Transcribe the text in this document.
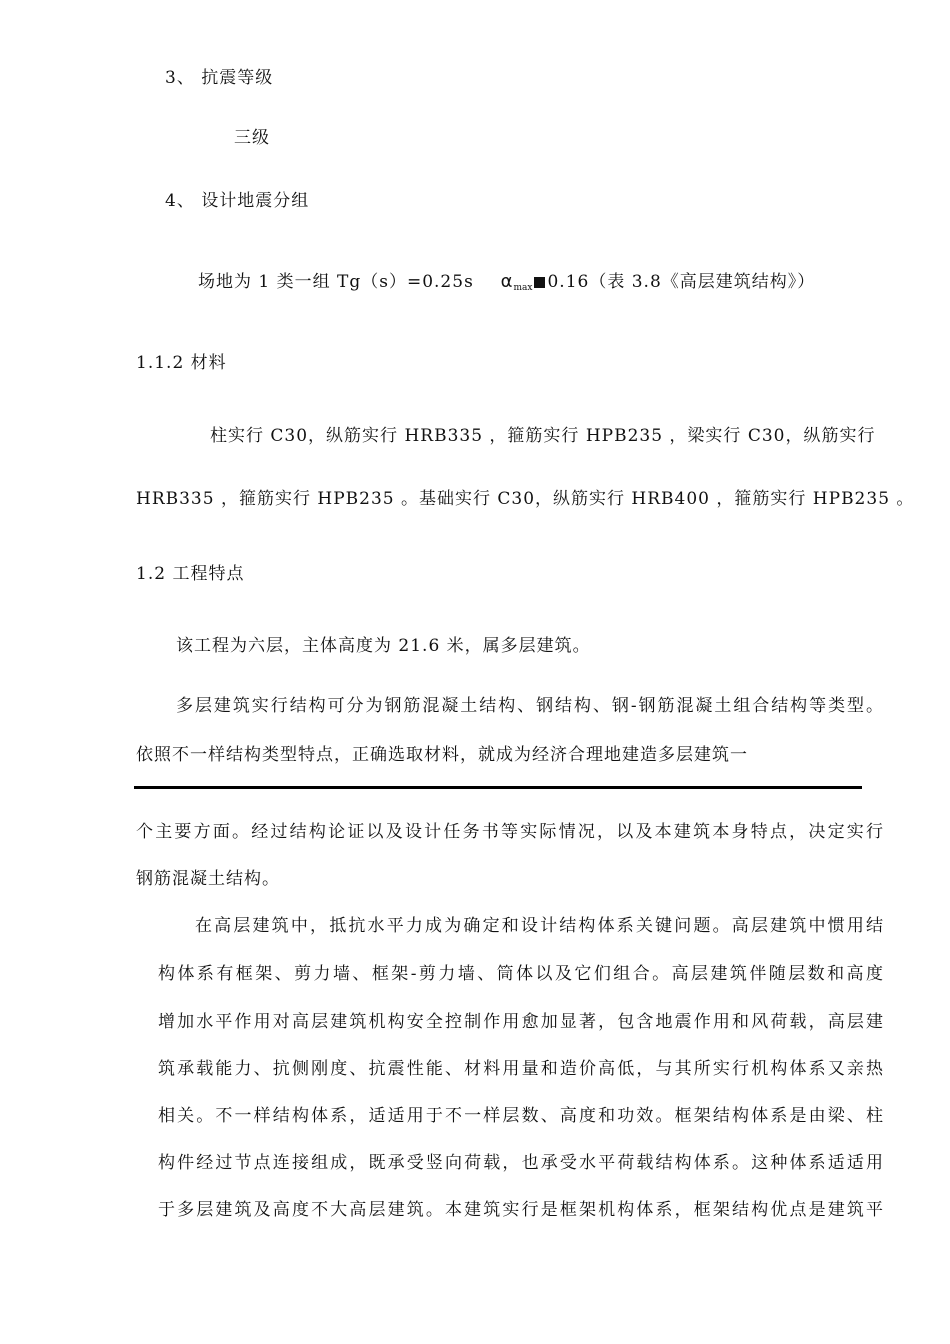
3、 抗震等级
三级
4、 设计地震分组
场地为 1 类一组 Tg（s）=0.25s $\alpha_{max}$ 0.16（表 3.8《高层建筑结构》）
1.1.2 材料
柱实行 C30，纵筋实行 HRB335 ，箍筋实行 HPB235 ，梁实行 C30，纵筋实行
HRB335 ，箍筋实行 HPB235 。基础实行 C30，纵筋实行 HRB400 ，箍筋实行 HPB235 。
1.2 工程特点
该工程为六层，主体高度为 21.6 米，属多层建筑。
多层建筑实行结构可分为钢筋混凝土结构、钢结构、钢-钢筋混凝土组合结构等类型。
依照不一样结构类型特点，正确选取材料，就成为经济合理地建造多层建筑一
个主要方面。经过结构论证以及设计任务书等实际情况，以及本建筑本身特点，决定实行
钢筋混凝土结构。
在高层建筑中，抵抗水平力成为确定和设计结构体系关键问题。高层建筑中惯用结
构体系有框架、剪力墙、框架-剪力墙、筒体以及它们组合。高层建筑伴随层数和高度
增加水平作用对高层建筑机构安全控制作用愈加显著，包含地震作用和风荷载，高层建
筑承载能力、抗侧刚度、抗震性能、材料用量和造价高低，与其所实行机构体系又亲热
相关。不一样结构体系，适适用于不一样层数、高度和功效。框架结构体系是由梁、柱
构件经过节点连接组成，既承受竖向荷载，也承受水平荷载结构体系。这种体系适适用
于多层建筑及高度不大高层建筑。本建筑实行是框架机构体系，框架结构优点是建筑平
